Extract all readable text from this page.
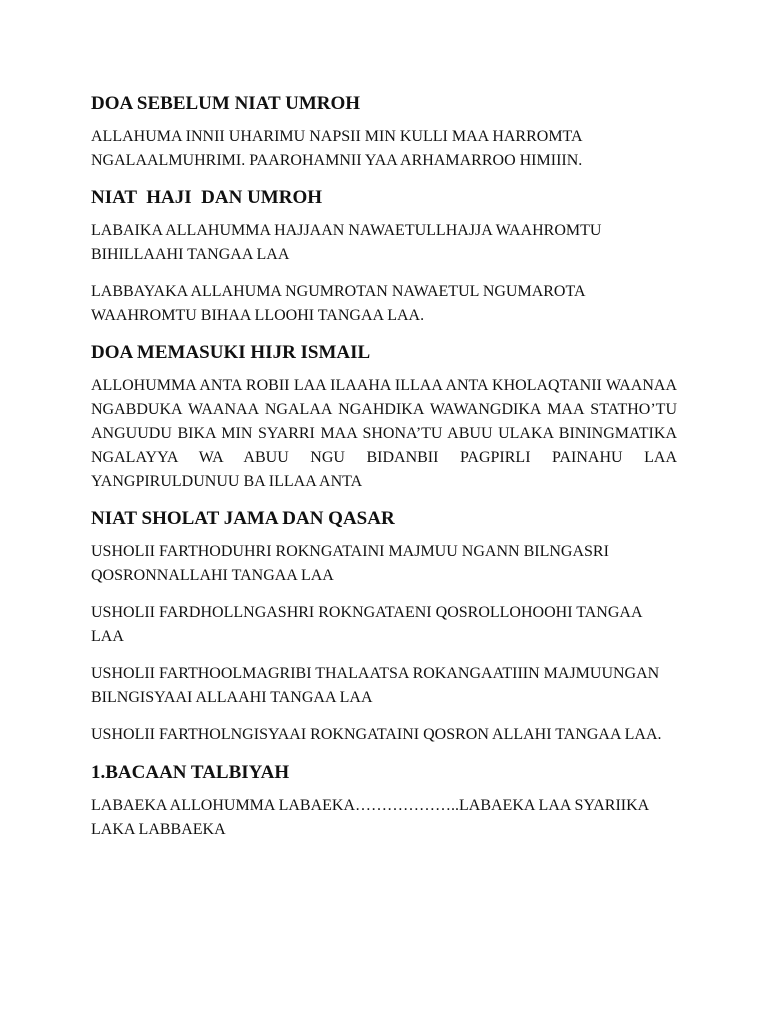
DOA SEBELUM NIAT UMROH
ALLAHUMA INNII UHARIMU NAPSII MIN KULLI MAA HARROMTA NGALAALMUHRIMI. PAAROHAMNII YAA ARHAMARROO HIMIIIN.
NIAT  HAJI  DAN UMROH
LABAIKA ALLAHUMMA HAJJAAN NAWAETULLHAJJA WAAHROMTU BIHILLAAHI TANGAA LAA
LABBAYAKA ALLAHUMA NGUMROTAN NAWAETUL NGUMAROTA WAAHROMTU BIHAA LLOOHI TANGAA LAA.
DOA MEMASUKI HIJR ISMAIL
ALLOHUMMA ANTA ROBII LAA ILAAHA ILLAA ANTA KHOLAQTANII WAANAA NGABDUKA WAANAA NGALAA NGAHDIKA WAWANGDIKA MAA STATHO’TU ANGUUDU BIKA MIN SYARRI MAA SHONA’TU ABUU ULAKA BININGMATIKA NGALAYYA WA ABUU NGU BIDANBII PAGPIRLI PAINAHU LAA YANGPIRULDUNUU BA ILLAA ANTA
NIAT SHOLAT JAMA DAN QASAR
USHOLII FARTHODUHRI ROKNGATAINI MAJMUU NGANN BILNGASRI QOSRONNALLAHI TANGAA LAA
USHOLII FARDHOLLNGASHRI ROKNGATAENI QOSROLLOHOOHI TANGAA LAA
USHOLII FARTHOOLMAGRIBI THALAATSA ROKANGAATIIIN MAJMUUNGAN BILNGISYAAI ALLAAHI TANGAA LAA
USHOLII FARTHOLNGISYAAI ROKNGATAINI QOSRON ALLAHI TANGAA LAA.
1.BACAAN TALBIYAH
LABAEKA ALLOHUMMA LABAEKA………………..LABAEKA LAA SYARIIKA LAKA LABBAEKA
